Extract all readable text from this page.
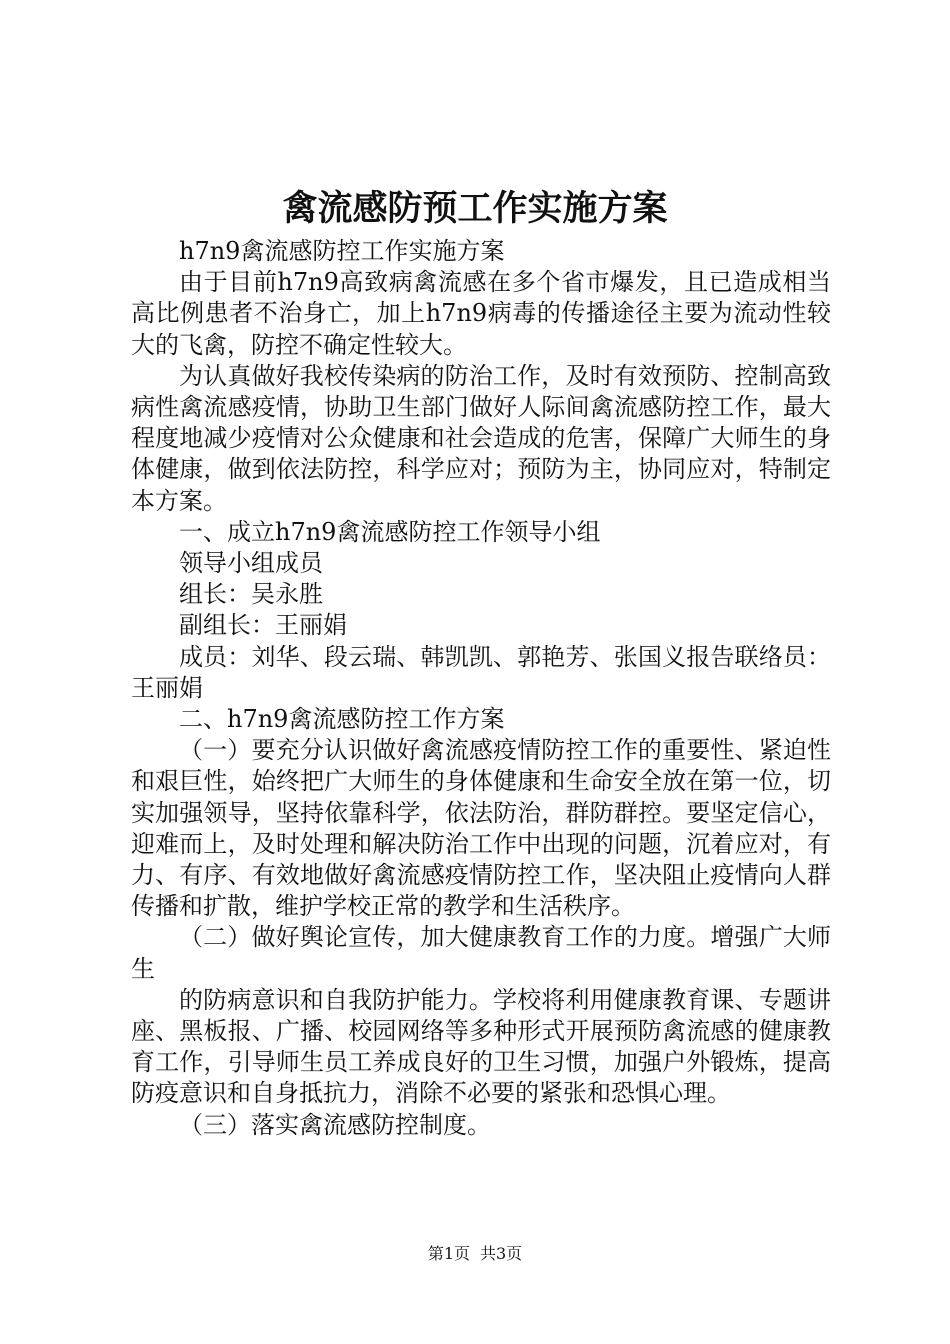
禽流感防预工作实施方案

h7n9禽流感防控工作实施方案

由于目前h7n9高致病禽流感在多个省市爆发，且已造成相当高比例患者不治身亡，加上h7n9病毒的传播途径主要为流动性较大的飞禽，防控不确定性较大。

为认真做好我校传染病的防治工作，及时有效预防、控制高致病性禽流感疫情，协助卫生部门做好人际间禽流感防控工作，最大程度地减少疫情对公众健康和社会造成的危害，保障广大师生的身体健康，做到依法防控，科学应对；预防为主，协同应对，特制定本方案。

一、成立h7n9禽流感防控工作领导小组

领导小组成员

组长：吴永胜

副组长：王丽娟

成员：刘华、段云瑞、韩凯凯、郭艳芳、张国义报告联络员：王丽娟

二、h7n9禽流感防控工作方案

（一）要充分认识做好禽流感疫情防控工作的重要性、紧迫性和艰巨性，始终把广大师生的身体健康和生命安全放在第一位，切实加强领导，坚持依靠科学，依法防治，群防群控。要坚定信心，迎难而上，及时处理和解决防治工作中出现的问题，沉着应对，有力、有序、有效地做好禽流感疫情防控工作，坚决阻止疫情向人群传播和扩散，维护学校正常的教学和生活秩序。

（二）做好舆论宣传，加大健康教育工作的力度。增强广大师生

的防病意识和自我防护能力。学校将利用健康教育课、专题讲座、黑板报、广播、校园网络等多种形式开展预防禽流感的健康教育工作，引导师生员工养成良好的卫生习惯，加强户外锻炼，提高防疫意识和自身抵抗力，消除不必要的紧张和恐惧心理。

（三）落实禽流感防控制度。

第1页 共3页
